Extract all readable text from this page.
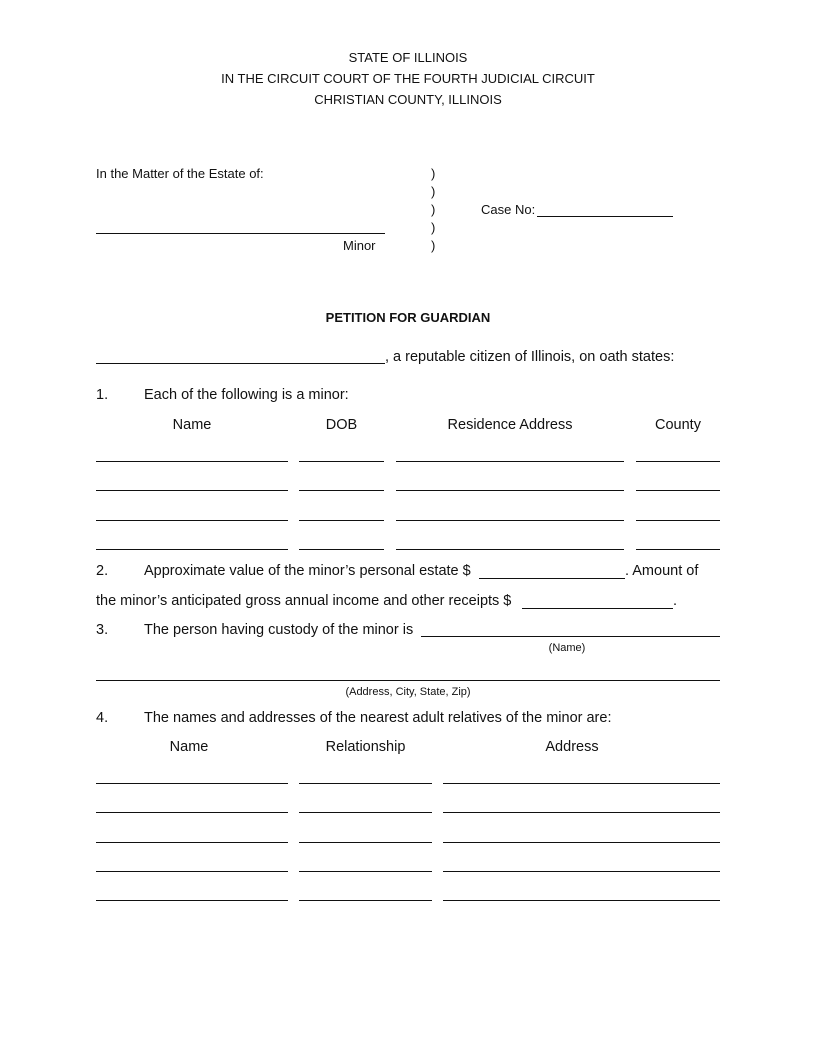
STATE OF ILLINOIS
IN THE CIRCUIT COURT OF THE FOURTH JUDICIAL CIRCUIT
CHRISTIAN COUNTY, ILLINOIS
In the Matter of the Estate of:
Minor
)
)
)
)
)
Case No:
PETITION FOR GUARDIAN
, a reputable citizen of Illinois, on oath states:
1. Each of the following is a minor:
Name	DOB	Residence Address	County
2. Approximate value of the minor’s personal estate $	. Amount of
the minor’s anticipated gross annual income and other receipts $	.
3. The person having custody of the minor is
(Name)
(Address, City, State, Zip)
4. The names and addresses of the nearest adult relatives of the minor are:
Name	Relationship	Address
